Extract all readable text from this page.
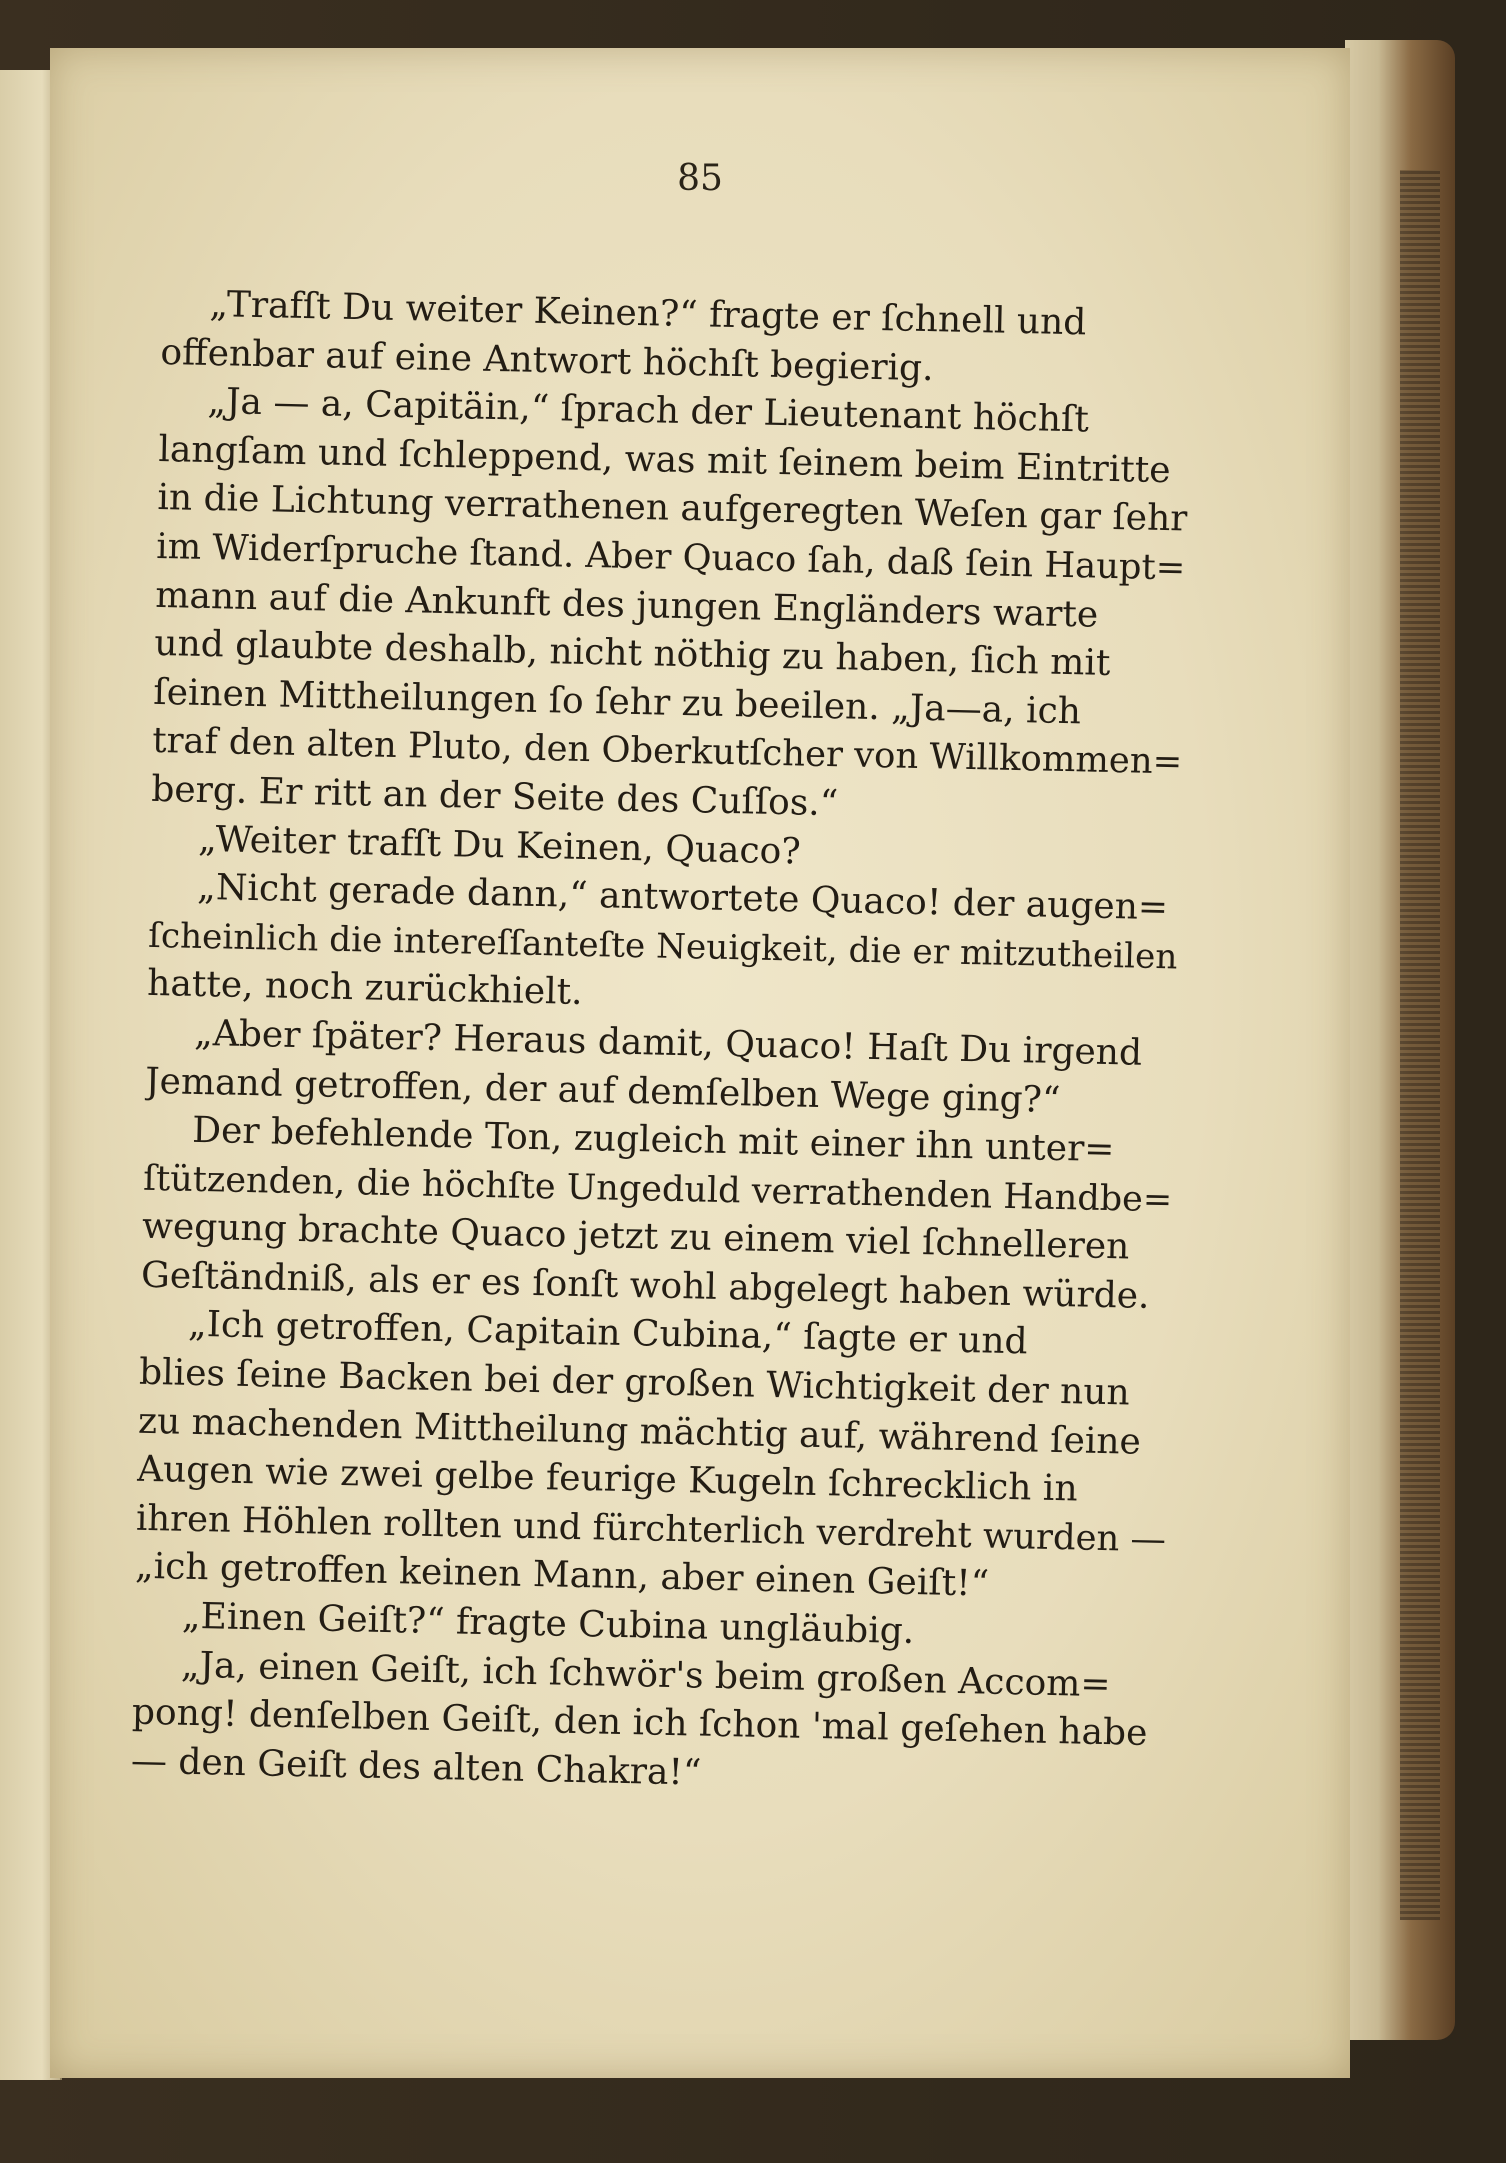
85
„Trafſt Du weiter Keinen?“ fragte er ſchnell und
offenbar auf eine Antwort höchſt begierig.
„Ja — a, Capitäin,“ ſprach der Lieutenant höchſt
langſam und ſchleppend, was mit ſeinem beim Eintritte
in die Lichtung verrathenen aufgeregten Weſen gar ſehr
im Widerſpruche ſtand. Aber Quaco ſah, daß ſein Haupt=
mann auf die Ankunft des jungen Engländers warte
und glaubte deshalb, nicht nöthig zu haben, ſich mit
ſeinen Mittheilungen ſo ſehr zu beeilen. „Ja—a, ich
traf den alten Pluto, den Oberkutſcher von Willkommen=
berg. Er ritt an der Seite des Cuſſos.“
„Weiter trafſt Du Keinen, Quaco?
„Nicht gerade dann,“ antwortete Quaco! der augen=
ſcheinlich die intereſſanteſte Neuigkeit, die er mitzutheilen
hatte, noch zurückhielt.
„Aber ſpäter? Heraus damit, Quaco! Haſt Du irgend
Jemand getroffen, der auf demſelben Wege ging?“
Der befehlende Ton, zugleich mit einer ihn unter=
ſtützenden, die höchſte Ungeduld verrathenden Handbe=
wegung brachte Quaco jetzt zu einem viel ſchnelleren
Geſtändniß, als er es ſonſt wohl abgelegt haben würde.
„Ich getroffen, Capitain Cubina,“ ſagte er und
blies ſeine Backen bei der großen Wichtigkeit der nun
zu machenden Mittheilung mächtig auf, während ſeine
Augen wie zwei gelbe feurige Kugeln ſchrecklich in
ihren Höhlen rollten und fürchterlich verdreht wurden —
„ich getroffen keinen Mann, aber einen Geiſt!“
„Einen Geiſt?“ fragte Cubina ungläubig.
„Ja, einen Geiſt, ich ſchwör's beim großen Accom=
pong! denſelben Geiſt, den ich ſchon 'mal geſehen habe
— den Geiſt des alten Chakra!“
